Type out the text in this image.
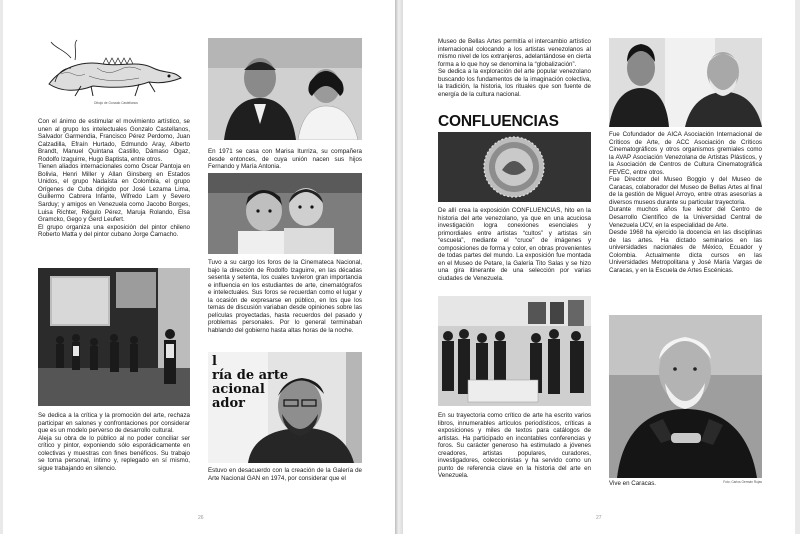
Dibujo de Gonzalo Castellanos

Con el ánimo de estimular el movimiento artístico, se unen al grupo los intelectuales Gonzalo Castellanos, Salvador Garmendia, Francisco Pérez Perdomo, Juan Calzadilla, Efraín Hurtado, Edmundo Aray, Alberto Brandt, Manuel Quintana Castillo, Dámaso Ogaz, Rodolfo Izaguirre, Hugo Baptista, entre otros.

Tienen aliados internacionales como Oscar Pantoja en Bolivia, Henri Miller y Allan Ginsberg en Estados Unidos, el grupo Nadaísta en Colombia, el grupo Orígenes de Cuba dirigido por José Lezama Lima, Guillermo Cabrera Infante, Wifredo Lam y Severo Sarduy; y amigos en Venezuela como Jacobo Borges, Luisa Richter, Régulo Pérez, Maruja Rolando, Elsa Gramcko, Gego y Gerd Leufert.

El grupo organiza una exposición del pintor chileno Roberto Matta y del pintor cubano Jorge Camacho.

Se dedica a la crítica y la promoción del arte, rechaza participar en salones y confrontaciones por considerar que es un modelo perverso de desarrollo cultural.

Aleja su obra de lo público al no poder conciliar ser crítico y pintor, exponiendo sólo esporádicamente en colectivas y muestras con fines benéficos. Su trabajo se torna personal, íntimo y, replegado en sí mismo, sigue trabajando en silencio.

En 1971 se casa con Marisa Iturriza, su compañera desde entonces, de cuya unión nacen sus hijos Fernando y María Antonia.

Tuvo a su cargo los foros de la Cinemateca Nacional, bajo la dirección de Rodolfo Izaguirre, en las décadas sesenta y setenta, los cuales tuvieron gran importancia e influencia en los estudiantes de arte, cinematógrafos e intelectuales. Sus foros se recuerdan como el lugar y la ocasión de expresarse en público, en los que los temas de discusión variaban desde opiniones sobre las películas proyectadas, hasta recuerdos del pasado y problemas personales. Por lo general terminaban hablando del gobierno hasta altas horas de la noche.

l
ría de arte
acional
ador

Estuvo en desacuerdo con la creación de la Galería de Arte Nacional GAN en 1974, por considerar que el

26

Museo de Bellas Artes permitía el intercambio artístico internacional colocando a los artistas venezolanos al mismo nivel de los extranjeros, adelantándose en cierta forma a lo que hoy se denomina la “globalización”.

Se dedica a la exploración del arte popular venezolano buscando los fundamentos de la imaginación colectiva, la tradición, la historia, los rituales que son fuente de energía de la cultura nacional.

CONFLUENCIAS

De allí crea la exposición CONFLUENCIAS, hito en la historia del arte venezolano, ya que en una acuciosa investigación logra conexiones esenciales y primordiales entre artistas “cultos” y artistas sin “escuela”, mediante el “cruce” de imágenes y composiciones de forma y color, en obras provenientes de todas partes del mundo. La exposición fue montada en el Museo de Petare, la Galería Tito Salas y se hizo una gira itinerante de una selección por varias ciudades de Venezuela.

En su trayectoria como crítico de arte ha escrito varios libros, innumerables artículos periodísticos, críticas a exposiciones y miles de textos para catálogos de artistas. Ha participado en incontables conferencias y foros. Su carácter generoso ha estimulado a jóvenes creadores, artistas populares, curadores, investigadores, coleccionistas y ha servido como un punto de referencia clave en la historia del arte en Venezuela.

Fue Cofundador de AICA Asociación Internacional de Críticos de Arte, de ACC Asociación de Críticos Cinematográficos y otros organismos gremiales como la AVAP Asociación Venezolana de Artistas Plásticos, y la Asociación de Centros de Cultura Cinematográfica FEVEC, entre otros.

Fue Director del Museo Boggio y del Museo de Caracas, colaborador del Museo de Bellas Artes al final de la gestión de Miguel Arroyo, entre otras asesorías a diversos museos durante su particular trayectoria.

Durante muchos años fue lector del Centro de Desarrollo Científico de la Universidad Central de Venezuela UCV, en la especialidad de Arte.

Desde 1968 ha ejercido la docencia en las disciplinas de las artes. Ha dictado seminarios en las universidades nacionales de México, Ecuador y Colombia. Actualmente dicta cursos en las Universidades Metropolitana y José María Vargas de Caracas, y en la Escuela de Artes Escénicas.

Foto: Carlos Germán Rojas

Vive en Caracas.

27
